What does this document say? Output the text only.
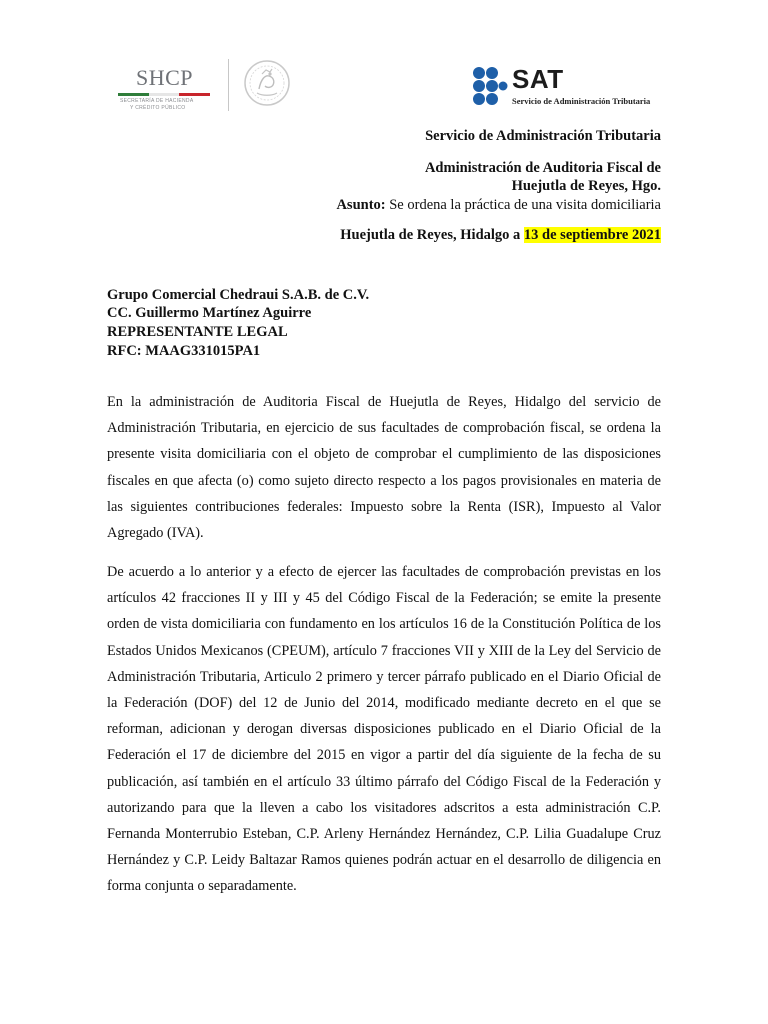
SHCP
SECRETARÍA DE HACIENDA
Y CRÉDITO PÚBLICO
SAT
Servicio de Administración Tributaria
Servicio de Administración Tributaria
Administración de Auditoria Fiscal de
Huejutla de Reyes, Hgo.
Asunto: Se ordena la práctica de una visita domiciliaria
Huejutla de Reyes, Hidalgo a 13 de septiembre 2021
Grupo Comercial Chedraui S.A.B. de C.V.
CC. Guillermo Martínez Aguirre
REPRESENTANTE LEGAL
RFC: MAAG331015PA1
En la administración de Auditoria Fiscal de Huejutla de Reyes, Hidalgo del servicio de Administración Tributaria, en ejercicio de sus facultades de comprobación fiscal, se ordena la presente visita domiciliaria con el objeto de comprobar el cumplimiento de las disposiciones fiscales en que afecta (o) como sujeto directo respecto a los pagos provisionales en materia de las siguientes contribuciones federales: Impuesto sobre la Renta (ISR), Impuesto al Valor Agregado (IVA).
De acuerdo a lo anterior y a efecto de ejercer las facultades de comprobación previstas en los artículos 42 fracciones II y III y 45 del Código Fiscal de la Federación; se emite la presente orden de vista domiciliaria con fundamento en los artículos 16 de la Constitución Política de los Estados Unidos Mexicanos (CPEUM), artículo 7 fracciones VII y XIII de la Ley del Servicio de Administración Tributaria, Articulo 2 primero y tercer párrafo publicado en el Diario Oficial de la Federación (DOF) del 12 de Junio del 2014, modificado mediante decreto en el que se reforman, adicionan y derogan diversas disposiciones publicado en el Diario Oficial de la Federación el 17 de diciembre del 2015 en vigor a partir del día siguiente de la fecha de su publicación, así también en el artículo 33 último párrafo del Código Fiscal de la Federación y autorizando para que la lleven a cabo los visitadores adscritos a esta administración C.P. Fernanda Monterrubio Esteban, C.P. Arleny Hernández Hernández, C.P. Lilia Guadalupe Cruz Hernández y C.P. Leidy Baltazar Ramos quienes podrán actuar en el desarrollo de diligencia en forma conjunta o separadamente.
